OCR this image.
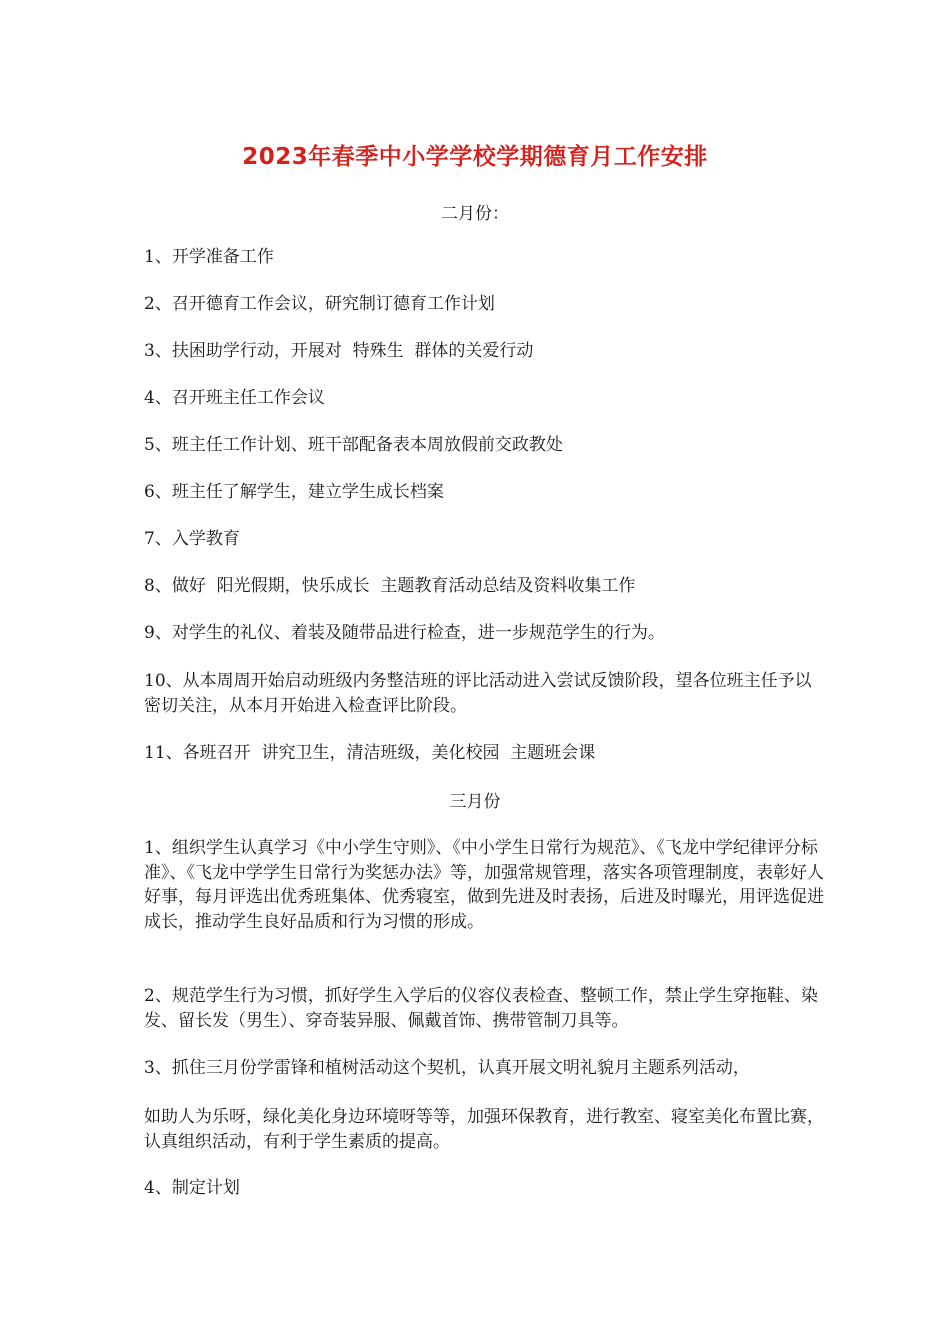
2023年春季中小学学校学期德育月工作安排
二月份：
1、开学准备工作
2、召开德育工作会议，研究制订德育工作计划
3、扶困助学行动，开展对  特殊生  群体的关爱行动
4、召开班主任工作会议
5、班主任工作计划、班干部配备表本周放假前交政教处
6、班主任了解学生，建立学生成长档案
7、入学教育
8、做好  阳光假期，快乐成长  主题教育活动总结及资料收集工作
9、对学生的礼仪、着装及随带品进行检查，进一步规范学生的行为。
10、从本周周开始启动班级内务整洁班的评比活动进入尝试反馈阶段，望各位班主任予以密切关注，从本月开始进入检查评比阶段。
11、各班召开  讲究卫生，清洁班级，美化校园  主题班会课
三月份
1、组织学生认真学习《中小学生守则》、《中小学生日常行为规范》、《飞龙中学纪律评分标准》、《飞龙中学学生日常行为奖惩办法》等，加强常规管理，落实各项管理制度，表彰好人好事，每月评选出优秀班集体、优秀寝室，做到先进及时表扬，后进及时曝光，用评选促进成长，推动学生良好品质和行为习惯的形成。
2、规范学生行为习惯，抓好学生入学后的仪容仪表检查、整顿工作，禁止学生穿拖鞋、染发、留长发（男生）、穿奇装异服、佩戴首饰、携带管制刀具等。
3、抓住三月份学雷锋和植树活动这个契机，认真开展文明礼貌月主题系列活动，
如助人为乐呀，绿化美化身边环境呀等等，加强环保教育，进行教室、寝室美化布置比赛，认真组织活动，有利于学生素质的提高。
4、制定计划
